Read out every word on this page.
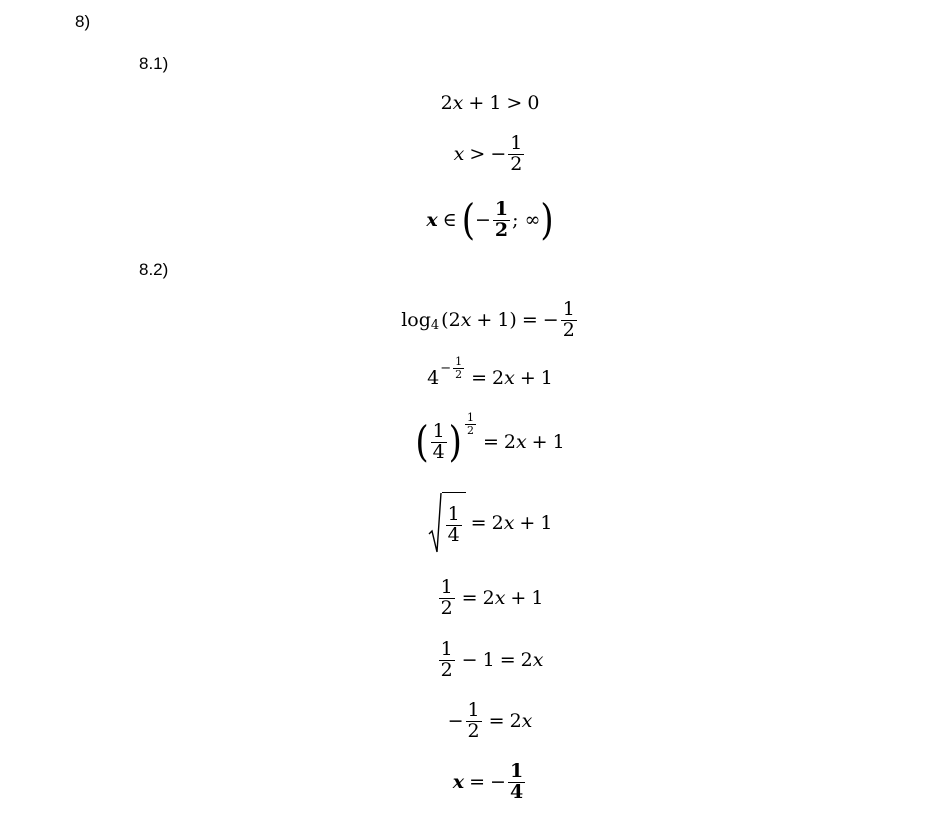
8)
8.1)
8.2)
2 x + 1 > 0
x > − $\frac{1}{2}$
x ∈ ( − $\frac{1}{2}$ ; ∞ )
log 4 ( 2 x + 1 ) = − $\frac{1}{2}$
$4 - \frac{1}{2} = 2$ x + 1
( $\frac{1}{4}$ ) $\frac{1}{2}$
= 2 x + 1
$\frac{1}{4} = 2$ x + 1
$\frac{1}{2} = 2$ x + 1
$\frac{1}{2} - 1 = 2$ x
− $\frac{1}{2} = 2$ x
x = − $\frac{1}{4}$
